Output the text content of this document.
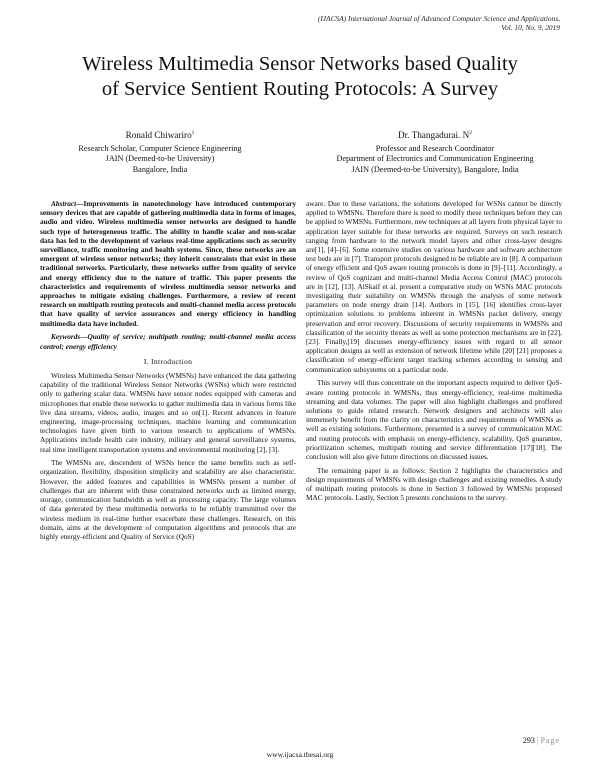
(IJACSA) International Journal of Advanced Computer Science and Applications,
Vol. 10, No. 9, 2019
Wireless Multimedia Sensor Networks based Quality
of Service Sentient Routing Protocols: A Survey
Ronald Chiwariro$^1$
Research Scholar, Computer Science Engineering
JAIN (Deemed-to-be University)
Bangalore, India
Dr. Thangadurai. $N^2$
Professor and Research Coordinator
Department of Electronics and Communication Engineering
JAIN (Deemed-to-be University), Bangalore, India

Abstract—Improvements in nanotechnology have introduced contemporary sensory devices that are capable of gathering multimedia data in forms of images, audio and video. Wireless multimedia sensor networks are designed to handle such type of heterogeneous traffic. The ability to handle scalar and non-scalar data has led to the development of various real-time applications such as security surveillance, traffic monitoring and health systems. Since, these networks are an emergent of wireless sensor networks; they inherit constraints that exist in these traditional networks. Particularly, these networks suffer from quality of service and energy efficiency due to the nature of traffic. This paper presents the characteristics and requirements of wireless multimedia sensor networks and approaches to mitigate existing challenges. Furthermore, a review of recent research on multipath routing protocols and multi-channel media access protocols that have quality of service assurances and energy efficiency in handling multimedia data have included.

Keywords—Quality of service; multipath routing; multi-channel media access control; energy efficiency

I. Introduction

Wireless Multimedia Sensor Networks (WMSNs) have enhanced the data gathering capability of the traditional Wireless Sensor Networks (WSNs) which were restricted only to gathering scalar data. WMSNs have sensor nodes equipped with cameras and microphones that enable these networks to gather multimedia data in various forms like live data streams, videos, audio, images and so on[1]. Recent advances in feature engineering, image-processing techniques, machine learning and communication technologies have given birth to various research to applications of WMSNs. Applications include health care industry, military and general surveillance systems, real time intelligent transportation systems and environmental monitoring [2], [3].

The WMSNs are, descendent of WSNs hence the same benefits such as self-organization, flexibility, disposition simplicity and scalability are also characteristic. However, the added features and capabilities in WMSNs present a number of challenges that are inherent with these constrained networks such as limited energy, storage, communication bandwidth as well as processing capacity. The large volumes of data generated by these multimedia networks to be reliably transmitted over the wireless medium in real-time further exacerbate these challenges. Research, on this domain, aims at the development of computation algorithms and protocols that are highly energy-efficient and Quality of Service (QoS)

aware. Due to these variations, the solutions developed for WSNs cannot be directly applied to WMSNs. Therefore there is need to modify these techniques before they can be applied to WMSNs. Furthermore, new techniques at all layers from physical layer to application layer suitable for these networks are required. Surveys on such research ranging from hardware to the network model layers and other cross-layer designs are[1], [4]–[6]. Some extensive studies on various hardware and software architecture test beds are in [7]. Transport protocols designed to be reliable are in [8]. A comparison of energy efficient and QoS aware routing protocols is done in [9]–[11]. Accordingly, a review of QoS cognizant and multi-channel Media Access Control (MAC) protocols are in [12], [13]. AlSkaif et al. present a comparative study on WSNs MAC protocols investigating their suitability on WMSNs through the analysis of some network parameters on node energy drain [14]. Authors in [15], [16] identifies cross-layer optimization solutions to problems inherent in WMSNs packet delivery, energy preservation and error recovery. Discussions of security requirements in WMSNs and classification of the security threats as well as some protection mechanisms are in [22], [23]. Finally,[19] discusses energy-efficiency issues with regard to all sensor application designs as well as extension of network lifetime while [20] [21] proposes a classification of energy-efficient target tracking schemes according to sensing and communication subsystems on a particular node.

This survey will thus concentrate on the important aspects required to deliver QoS-aware routing protocols in WMSNs, thus energy-efficiency, real-time multimedia streaming and data volumes. The paper will also highlight challenges and proffered solutions to guide related research. Network designers and architects will also immensely benefit from the clarity on characteristics and requirements of WMSNs as well as existing solutions. Furthermore, presented is a survey of communication MAC and routing protocols with emphasis on energy-efficiency, scalability, QoS guarantee, prioritization schemes, multipath routing and service differentiation [17][18]. The conclusion will also give future directions on discussed issues.

The remaining paper is as follows: Section 2 highlights the characteristics and design requirements of WMSNs with design challenges and existing remedies. A study of multipath routing protocols is done in Section 3 followed by WMSNs proposed MAC protocols. Lastly, Section 5 presents conclusions to the survey.

293 | Page
www.ijacsa.thesai.org
